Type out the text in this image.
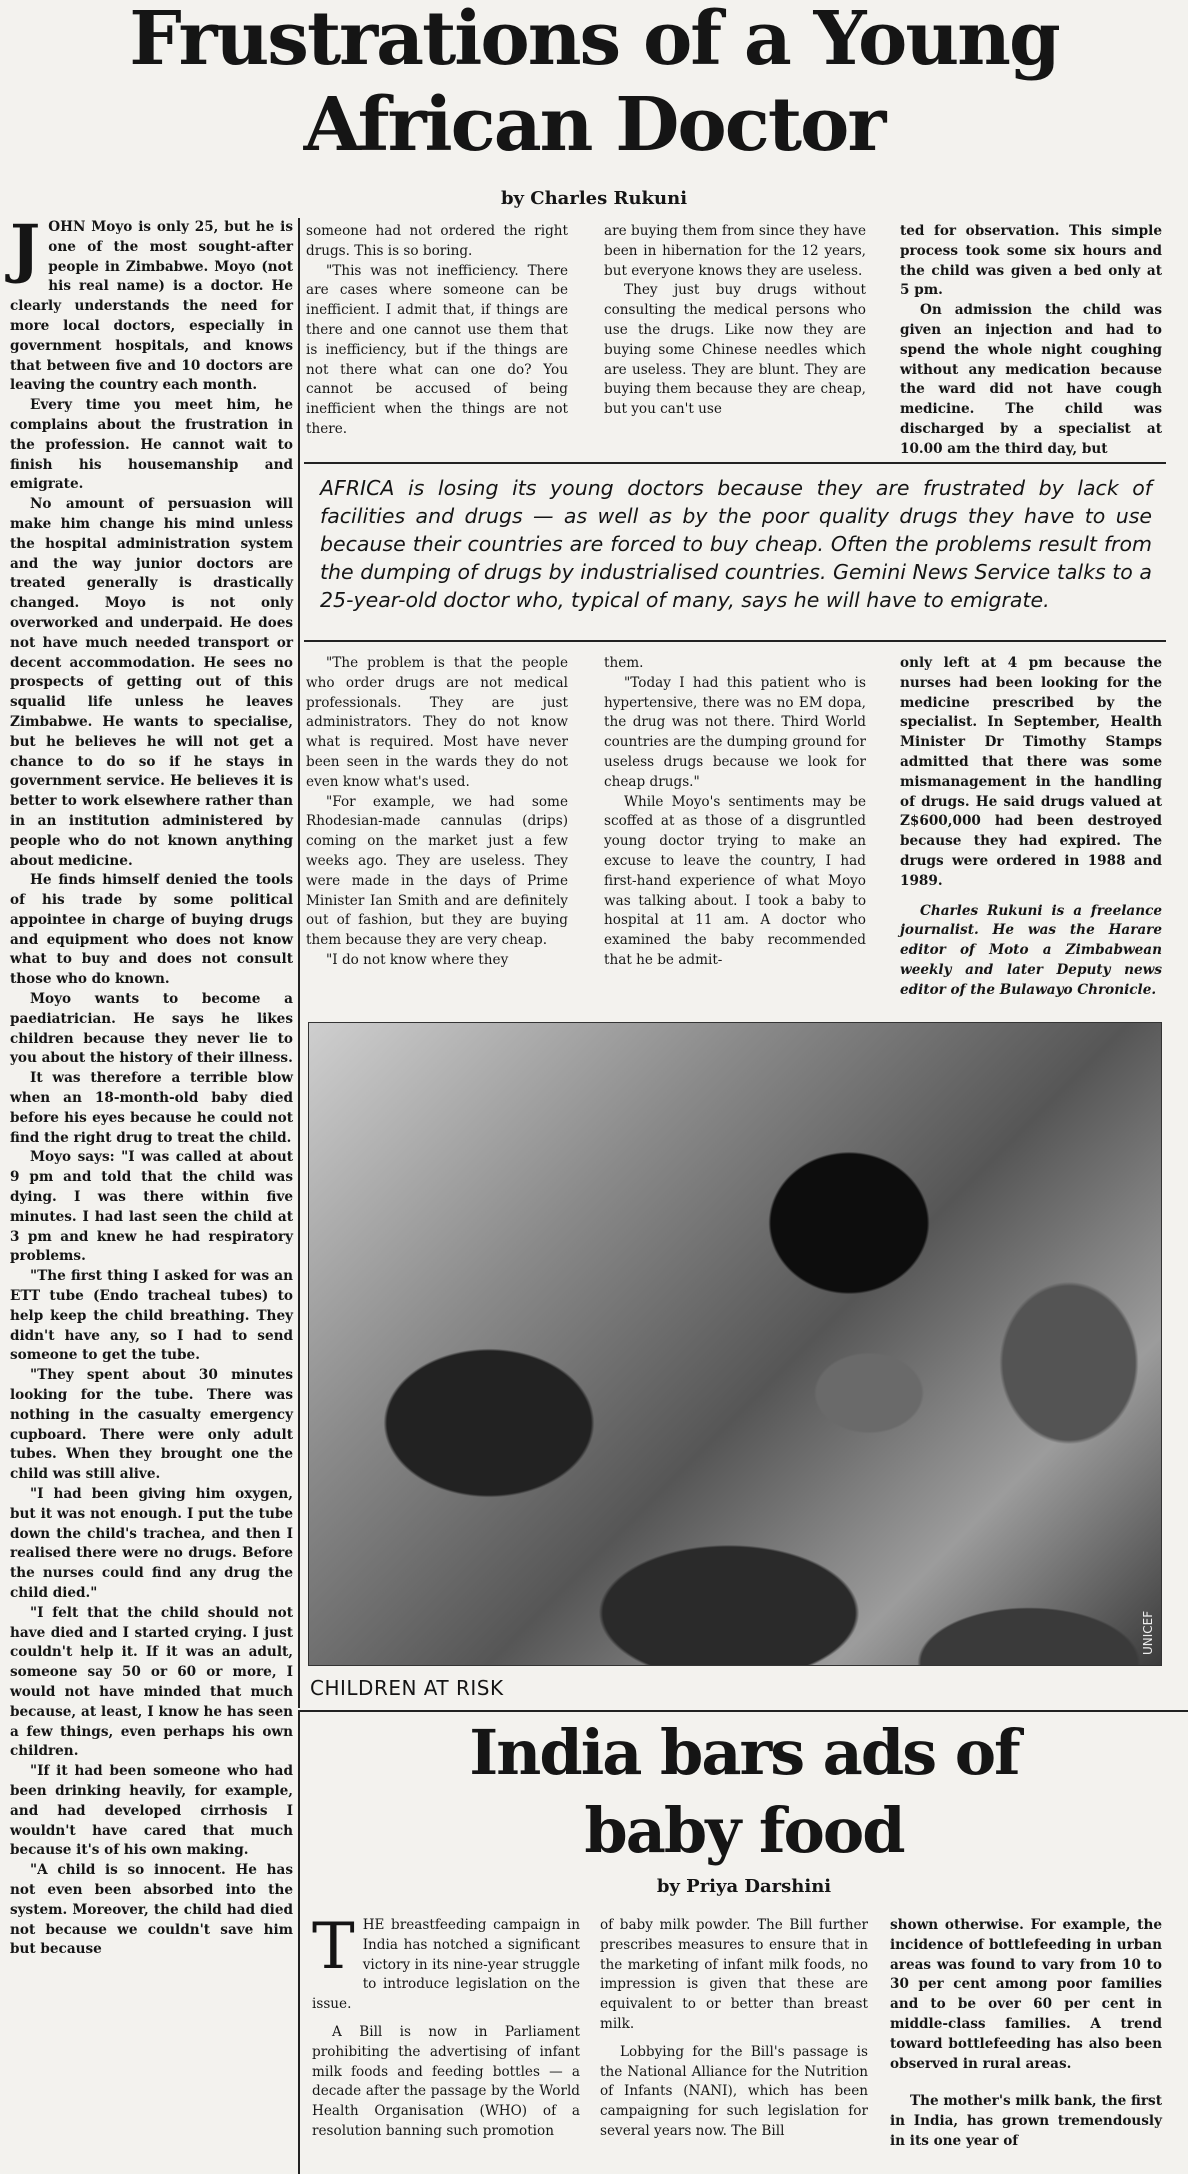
Frustrations of a Young
African Doctor
by Charles Rukuni
J OHN Moyo is only 25, but he is one of the most sought-after people in Zimbabwe. Moyo (not his real name) is a doctor. He clearly understands the need for more local doctors, especially in government hospitals, and knows that between five and 10 doctors are leaving the country each month.

Every time you meet him, he complains about the frustration in the profession. He cannot wait to finish his housemanship and emigrate.

No amount of persuasion will make him change his mind unless the hospital administration system and the way junior doctors are treated generally is drastically changed. Moyo is not only overworked and underpaid. He does not have much needed transport or decent accommodation. He sees no prospects of getting out of this squalid life unless he leaves Zimbabwe. He wants to specialise, but he believes he will not get a chance to do so if he stays in government service. He believes it is better to work elsewhere rather than in an institution administered by people who do not known anything about medicine.

He finds himself denied the tools of his trade by some political appointee in charge of buying drugs and equipment who does not know what to buy and does not consult those who do known.

Moyo wants to become a paediatrician. He says he likes children because they never lie to you about the history of their illness.

It was therefore a terrible blow when an 18-month-old baby died before his eyes because he could not find the right drug to treat the child.

Moyo says: "I was called at about 9 pm and told that the child was dying. I was there within five minutes. I had last seen the child at 3 pm and knew he had respiratory problems.

"The first thing I asked for was an ETT tube (Endo tracheal tubes) to help keep the child breathing. They didn't have any, so I had to send someone to get the tube.

"They spent about 30 minutes looking for the tube. There was nothing in the casualty emergency cupboard. There were only adult tubes. When they brought one the child was still alive.

"I had been giving him oxygen, but it was not enough. I put the tube down the child's trachea, and then I realised there were no drugs. Before the nurses could find any drug the child died."

"I felt that the child should not have died and I started crying. I just couldn't help it. If it was an adult, someone say 50 or 60 or more, I would not have minded that much because, at least, I know he has seen a few things, even perhaps his own children.

"If it had been someone who had been drinking heavily, for example, and had developed cirrhosis I wouldn't have cared that much because it's of his own making.

"A child is so innocent. He has not even been absorbed into the system. Moreover, the child had died not because we couldn't save him but because

someone had not ordered the right drugs. This is so boring.

"This was not inefficiency. There are cases where someone can be inefficient. I admit that, if things are there and one cannot use them that is inefficiency, but if the things are not there what can one do? You cannot be accused of being inefficient when the things are not there.

are buying them from since they have been in hibernation for the 12 years, but everyone knows they are useless.

They just buy drugs without consulting the medical persons who use the drugs. Like now they are buying some Chinese needles which are useless. They are blunt. They are buying them because they are cheap, but you can't use

ted for observation. This simple process took some six hours and the child was given a bed only at 5 pm.

On admission the child was given an injection and had to spend the whole night coughing without any medication because the ward did not have cough medicine. The child was discharged by a specialist at 10.00 am the third day, but

AFRICA is losing its young doctors because they are frustrated by lack of facilities and drugs — as well as by the poor quality drugs they have to use because their countries are forced to buy cheap. Often the problems result from the dumping of drugs by industrialised countries. Gemini News Service talks to a 25-year-old doctor who, typical of many, says he will have to emigrate.

"The problem is that the people who order drugs are not medical professionals. They are just administrators. They do not know what is required. Most have never been seen in the wards they do not even know what's used.

"For example, we had some Rhodesian-made cannulas (drips) coming on the market just a few weeks ago. They are useless. They were made in the days of Prime Minister Ian Smith and are definitely out of fashion, but they are buying them because they are very cheap.

"I do not know where they

them.

"Today I had this patient who is hypertensive, there was no EM dopa, the drug was not there. Third World countries are the dumping ground for useless drugs because we look for cheap drugs."

While Moyo's sentiments may be scoffed at as those of a disgruntled young doctor trying to make an excuse to leave the country, I had first-hand experience of what Moyo was talking about. I took a baby to hospital at 11 am. A doctor who examined the baby recommended that he be admit-

only left at 4 pm because the nurses had been looking for the medicine prescribed by the specialist. In September, Health Minister Dr Timothy Stamps admitted that there was some mismanagement in the handling of drugs. He said drugs valued at Z$600,000 had been destroyed because they had expired. The drugs were ordered in 1988 and 1989.

Charles Rukuni is a freelance journalist. He was the Harare editor of Moto a Zimbabwean weekly and later Deputy news editor of the Bulawayo Chronicle.

UNICEF
CHILDREN AT RISK
India bars ads of
baby food
by Priya Darshini
T HE breastfeeding campaign in India has notched a significant victory in its nine-year struggle to introduce legislation on the issue.

A Bill is now in Parliament prohibiting the advertising of infant milk foods and feeding bottles — a decade after the passage by the World Health Organisation (WHO) of a resolution banning such promotion

of baby milk powder. The Bill further prescribes measures to ensure that in the marketing of infant milk foods, no impression is given that these are equivalent to or better than breast milk.

Lobbying for the Bill's passage is the National Alliance for the Nutrition of Infants (NANI), which has been campaigning for such legislation for several years now. The Bill

shown otherwise. For example, the incidence of bottlefeeding in urban areas was found to vary from 10 to 30 per cent among poor families and to be over 60 per cent in middle-class families. A trend toward bottlefeeding has also been observed in rural areas.

The mother's milk bank, the first in India, has grown tremendously in its one year of
